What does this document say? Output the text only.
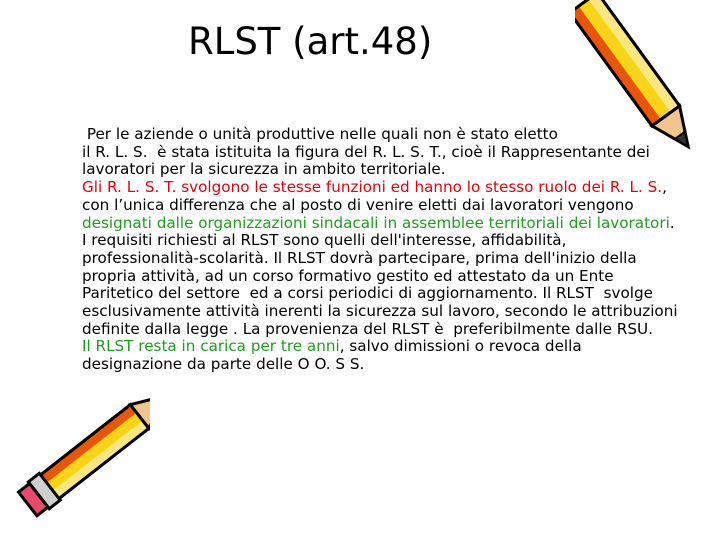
RLST (art.48)
Per le aziende o unità produttive nelle quali non è stato eletto
il R. L. S.  è stata istituita la figura del R. L. S. T., cioè il Rappresentante dei lavoratori per la sicurezza in ambito territoriale.
Gli R. L. S. T. svolgono le stesse funzioni ed hanno lo stesso ruolo dei R. L. S., con l’unica differenza che al posto di venire eletti dai lavoratori vengono designati dalle organizzazioni sindacali in assemblee territoriali dei lavoratori.
I requisiti richiesti al RLST sono quelli dell'interesse, affidabilità, professionalità-scolarità. Il RLST dovrà partecipare, prima dell'inizio della propria attività, ad un corso formativo gestito ed attestato da un Ente Paritetico del settore  ed a corsi periodici di aggiornamento. Il RLST  svolge esclusivamente attività inerenti la sicurezza sul lavoro, secondo le attribuzioni definite dalla legge . La provenienza del RLST è  preferibilmente dalle RSU.      Il RLST resta in carica per tre anni, salvo dimissioni o revoca della designazione da parte delle O O. S S.
